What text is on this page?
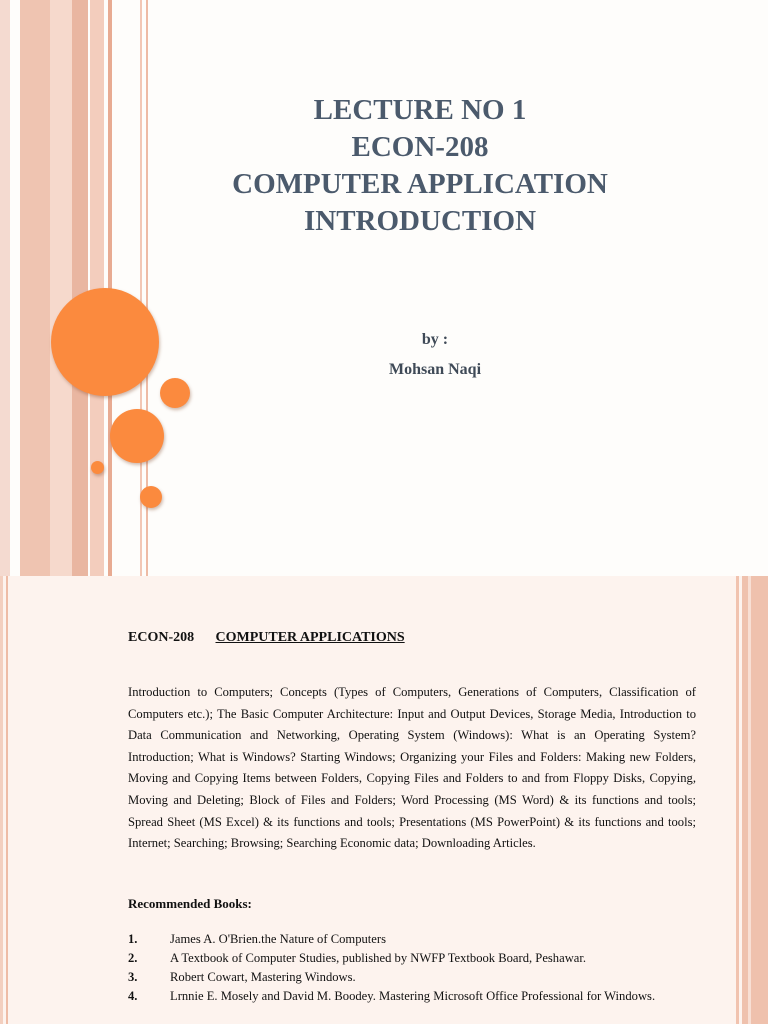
LECTURE NO 1
ECON-208
COMPUTER APPLICATION
INTRODUCTION
by :
Mohsan Naqi
ECON-208 COMPUTER APPLICATIONS
Introduction to Computers; Concepts (Types of Computers, Generations of Computers, Classification of Computers etc.); The Basic Computer Architecture: Input and Output Devices, Storage Media, Introduction to Data Communication and Networking, Operating System (Windows): What is an Operating System? Introduction; What is Windows? Starting Windows; Organizing your Files and Folders: Making new Folders, Moving and Copying Items between Folders, Copying Files and Folders to and from Floppy Disks, Copying, Moving and Deleting; Block of Files and Folders; Word Processing (MS Word) & its functions and tools; Spread Sheet (MS Excel) & its functions and tools; Presentations (MS PowerPoint) & its functions and tools; Internet; Searching; Browsing; Searching Economic data; Downloading Articles.
Recommended Books:
1.	James A. O'Brien.the Nature of Computers
2.	A Textbook of Computer Studies, published by NWFP Textbook Board, Peshawar.
3.	Robert Cowart, Mastering Windows.
4.	Lrnnie E. Mosely and David M. Boodey. Mastering Microsoft Office Professional for Windows.
